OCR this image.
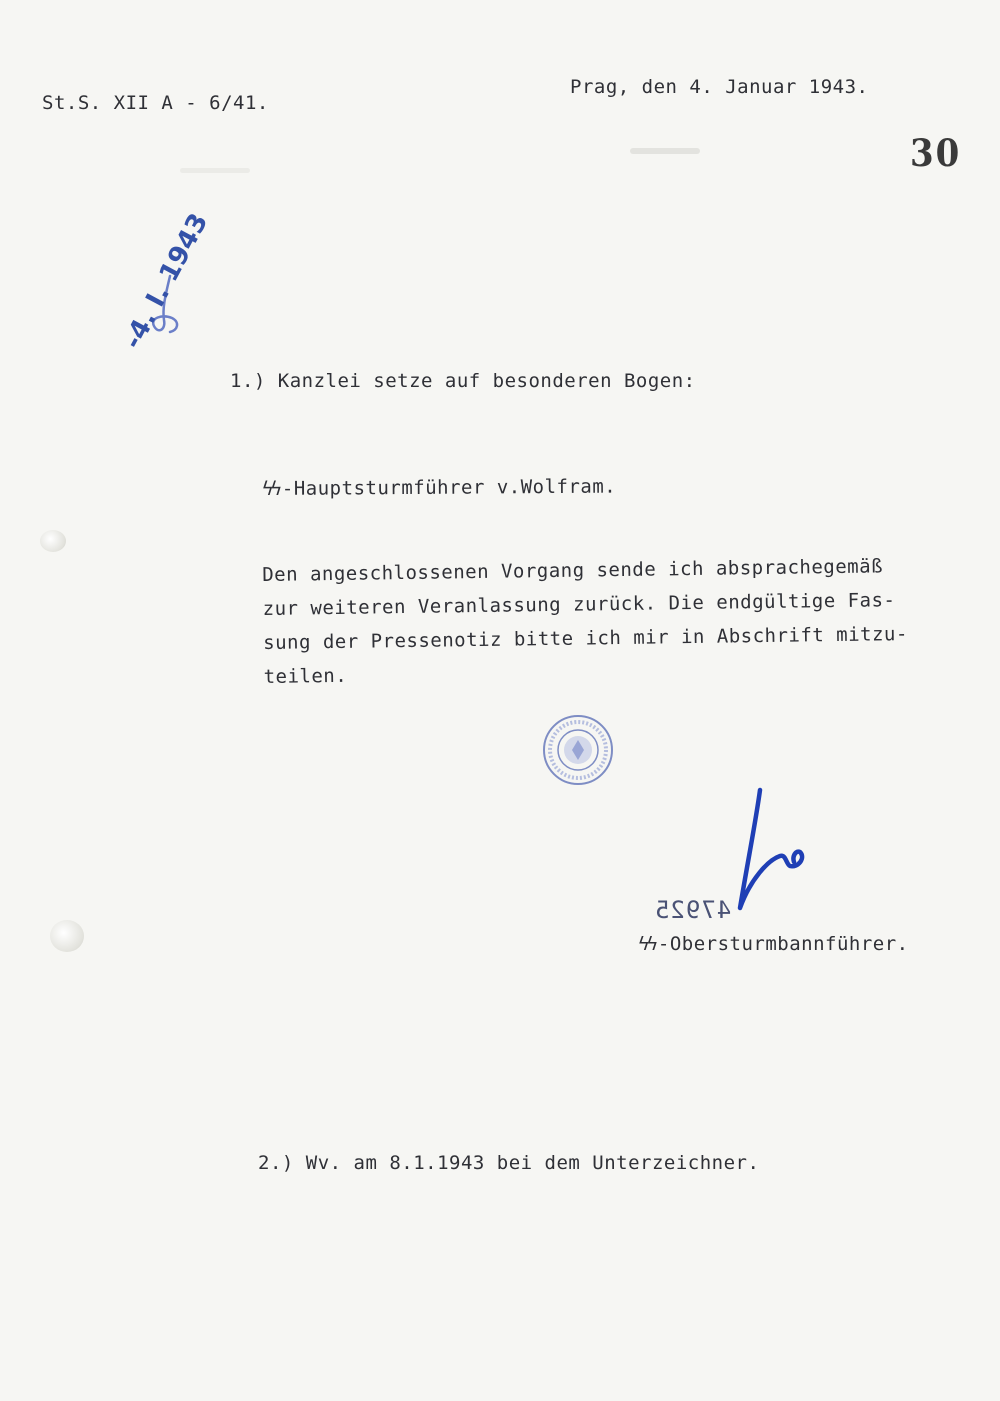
St.S. XII A - 6/41.
Prag, den 4. Januar 1943.
30
-4. I. 1943
1.) Kanzlei setze auf besonderen Bogen:
ϟϟ -Hauptsturmführer v.Wolfram.
Den angeschlossenen Vorgang sende ich absprachegemäß
zur weiteren Veranlassung zurück. Die endgültige Fas-
sung der Pressenotiz bitte ich mir in Abschrift mitzu-
teilen.
47925
ϟϟ -Obersturmbannführer.
2.) Wv. am 8.1.1943 bei dem Unterzeichner.
